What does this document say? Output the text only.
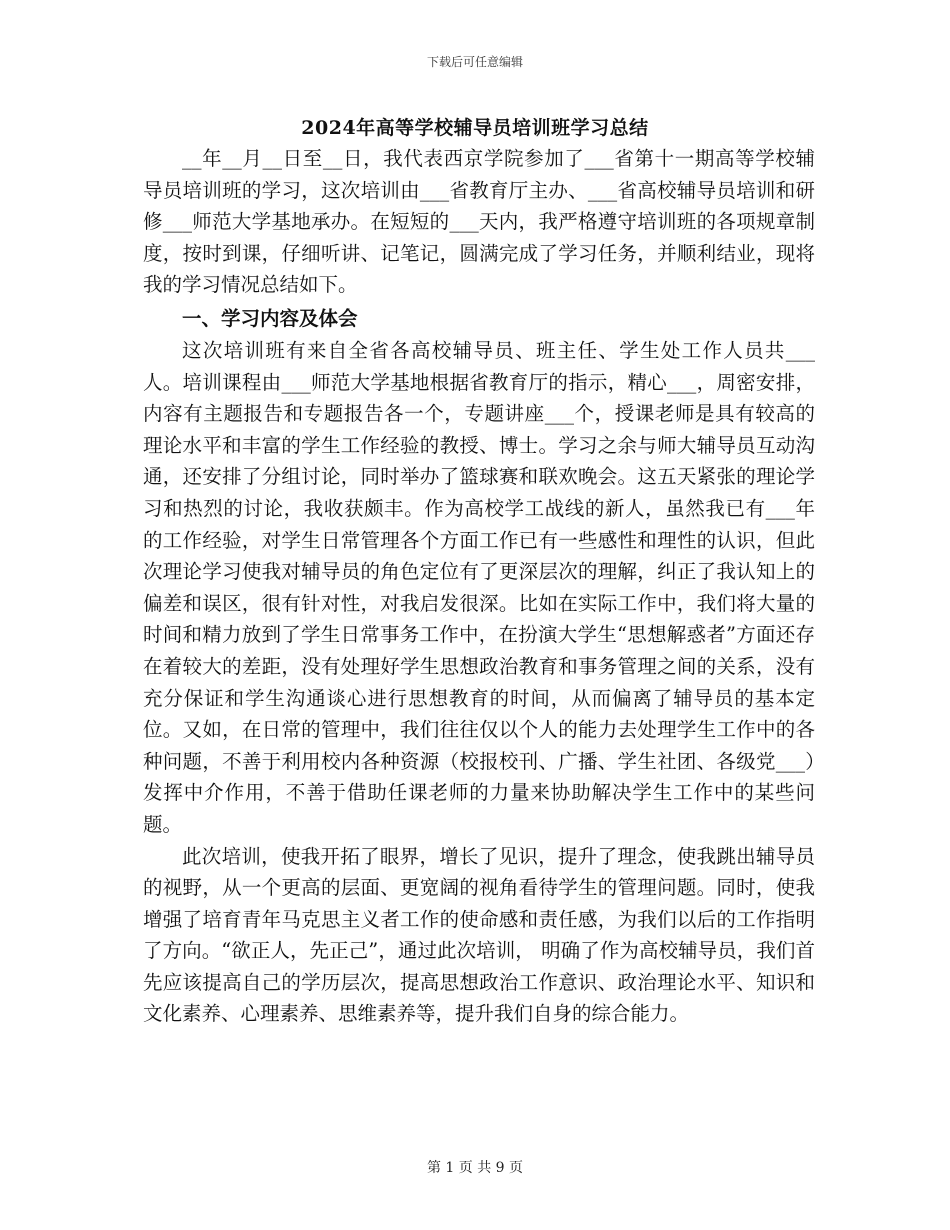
下载后可任意编辑
2024年高等学校辅导员培训班学习总结

__年__月__日至__日，我代表西京学院参加了___省第十一期高等学校辅导员培训班的学习，这次培训由___省教育厅主办、___省高校辅导员培训和研修___师范大学基地承办。在短短的___天内，我严格遵守培训班的各项规章制度，按时到课，仔细听讲、记笔记，圆满完成了学习任务，并顺利结业，现将我的学习情况总结如下。

一、学习内容及体会

这次培训班有来自全省各高校辅导员、班主任、学生处工作人员共___人。培训课程由___师范大学基地根据省教育厅的指示，精心___，周密安排，内容有主题报告和专题报告各一个，专题讲座___个，授课老师是具有较高的理论水平和丰富的学生工作经验的教授、博士。学习之余与师大辅导员互动沟通，还安排了分组讨论，同时举办了篮球赛和联欢晚会。这五天紧张的理论学习和热烈的讨论，我收获颇丰。作为高校学工战线的新人，虽然我已有___年的工作经验，对学生日常管理各个方面工作已有一些感性和理性的认识，但此次理论学习使我对辅导员的角色定位有了更深层次的理解，纠正了我认知上的偏差和误区，很有针对性，对我启发很深。比如在实际工作中，我们将大量的时间和精力放到了学生日常事务工作中，在扮演大学生“思想解惑者”方面还存在着较大的差距，没有处理好学生思想政治教育和事务管理之间的关系，没有充分保证和学生沟通谈心进行思想教育的时间，从而偏离了辅导员的基本定位。又如，在日常的管理中，我们往往仅以个人的能力去处理学生工作中的各种问题，不善于利用校内各种资源（校报校刊、广播、学生社团、各级党___）发挥中介作用，不善于借助任课老师的力量来协助解决学生工作中的某些问题。

此次培训，使我开拓了眼界，增长了见识，提升了理念，使我跳出辅导员的视野，从一个更高的层面、更宽阔的视角看待学生的管理问题。同时，使我增强了培育青年马克思主义者工作的使命感和责任感，为我们以后的工作指明了方向。“欲正人，先正己”，通过此次培训， 明确了作为高校辅导员，我们首先应该提高自己的学历层次，提高思想政治工作意识、政治理论水平、知识和文化素养、心理素养、思维素养等，提升我们自身的综合能力。

第 1 页 共 9 页
